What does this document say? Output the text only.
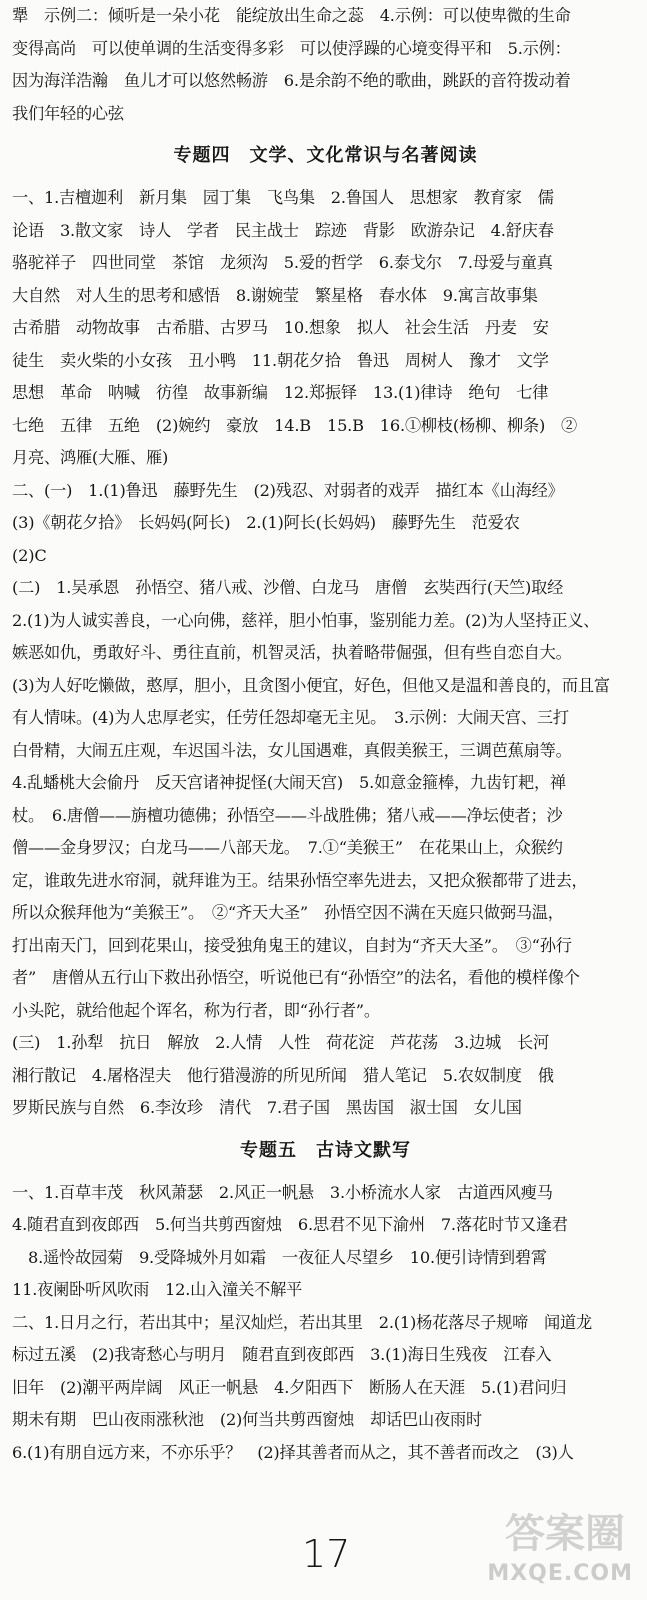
犟　示例二：倾听是一朵小花　能绽放出生命之蕊　4.示例：可以使卑微的生命

变得高尚　可以使单调的生活变得多彩　可以使浮躁的心境变得平和　5.示例：

因为海洋浩瀚　鱼儿才可以悠然畅游　6.是余韵不绝的歌曲，跳跃的音符拨动着

我们年轻的心弦

专题四　文学、文化常识与名著阅读

一、1.吉檀迦利　新月集　园丁集　飞鸟集　2.鲁国人　思想家　教育家　儒

论语　3.散文家　诗人　学者　民主战士　踪迹　背影　欧游杂记　4.舒庆春

骆驼祥子　四世同堂　茶馆　龙须沟　5.爱的哲学　6.泰戈尔　7.母爱与童真

大自然　对人生的思考和感悟　8.谢婉莹　繁星格　春水体　9.寓言故事集

古希腊　动物故事　古希腊、古罗马　10.想象　拟人　社会生活　丹麦　安

徒生　卖火柴的小女孩　丑小鸭　11.朝花夕拾　鲁迅　周树人　豫才　文学

思想　革命　呐喊　彷徨　故事新编　12.郑振铎　13.(1)律诗　绝句　七律

七绝　五律　五绝　(2)婉约　豪放　14.B　15.B　16.①柳枝(杨柳、柳条)　②

月亮、鸿雁(大雁、雁)

二、(一)　1.(1)鲁迅　藤野先生　(2)残忍、对弱者的戏弄　描红本《山海经》

(3)《朝花夕拾》　长妈妈(阿长)　2.(1)阿长(长妈妈)　藤野先生　范爱农

(2)C

(二)　1.吴承恩　孙悟空、猪八戒、沙僧、白龙马　唐僧　玄奘西行(天竺)取经

2.(1)为人诚实善良，一心向佛，慈祥，胆小怕事，鉴别能力差。(2)为人坚持正义、

嫉恶如仇，勇敢好斗、勇往直前，机智灵活，执着略带倔强，但有些自恋自大。

(3)为人好吃懒做，憨厚，胆小，且贪图小便宜，好色，但他又是温和善良的，而且富

有人情味。(4)为人忠厚老实，任劳任怨却毫无主见。　3.示例：大闹天宫、三打

白骨精，大闹五庄观，车迟国斗法，女儿国遇难，真假美猴王，三调芭蕉扇等。

4.乱蟠桃大会偷丹　反天宫诸神捉怪(大闹天宫)　5.如意金箍棒，九齿钉耙，禅

杖。　6.唐僧——旃檀功德佛；孙悟空——斗战胜佛；猪八戒——净坛使者；沙

僧——金身罗汉；白龙马——八部天龙。　7.①“美猴王”　在花果山上，众猴约

定，谁敢先进水帘洞，就拜谁为王。结果孙悟空率先进去，又把众猴都带了进去，

所以众猴拜他为“美猴王”。　②“齐天大圣”　孙悟空因不满在天庭只做弼马温，

打出南天门，回到花果山，接受独角鬼王的建议，自封为“齐天大圣”。　③“孙行

者”　唐僧从五行山下救出孙悟空，听说他已有“孙悟空”的法名，看他的模样像个

小头陀，就给他起个诨名，称为行者，即“孙行者”。

(三)　1.孙犁　抗日　解放　2.人情　人性　荷花淀　芦花荡　3.边城　长河

湘行散记　4.屠格涅夫　他行猎漫游的所见所闻　猎人笔记　5.农奴制度　俄

罗斯民族与自然　6.李汝珍　清代　7.君子国　黑齿国　淑士国　女儿国

专题五　古诗文默写

一、1.百草丰茂　秋风萧瑟　2.风正一帆悬　3.小桥流水人家　古道西风瘦马

4.随君直到夜郎西　5.何当共剪西窗烛　6.思君不见下渝州　7.落花时节又逢君

　8.遥怜故园菊　9.受降城外月如霜　一夜征人尽望乡　10.便引诗情到碧霄

11.夜阑卧听风吹雨　12.山入潼关不解平

二、1.日月之行，若出其中；星汉灿烂，若出其里　2.(1)杨花落尽子规啼　闻道龙

标过五溪　(2)我寄愁心与明月　随君直到夜郎西　3.(1)海日生残夜　江春入

旧年　(2)潮平两岸阔　风正一帆悬　4.夕阳西下　断肠人在天涯　5.(1)君问归

期未有期　巴山夜雨涨秋池　(2)何当共剪西窗烛　却话巴山夜雨时

6.(1)有朋自远方来，不亦乐乎？　(2)择其善者而从之，其不善者而改之　(3)人

17	答案圈
MXQE.COM
